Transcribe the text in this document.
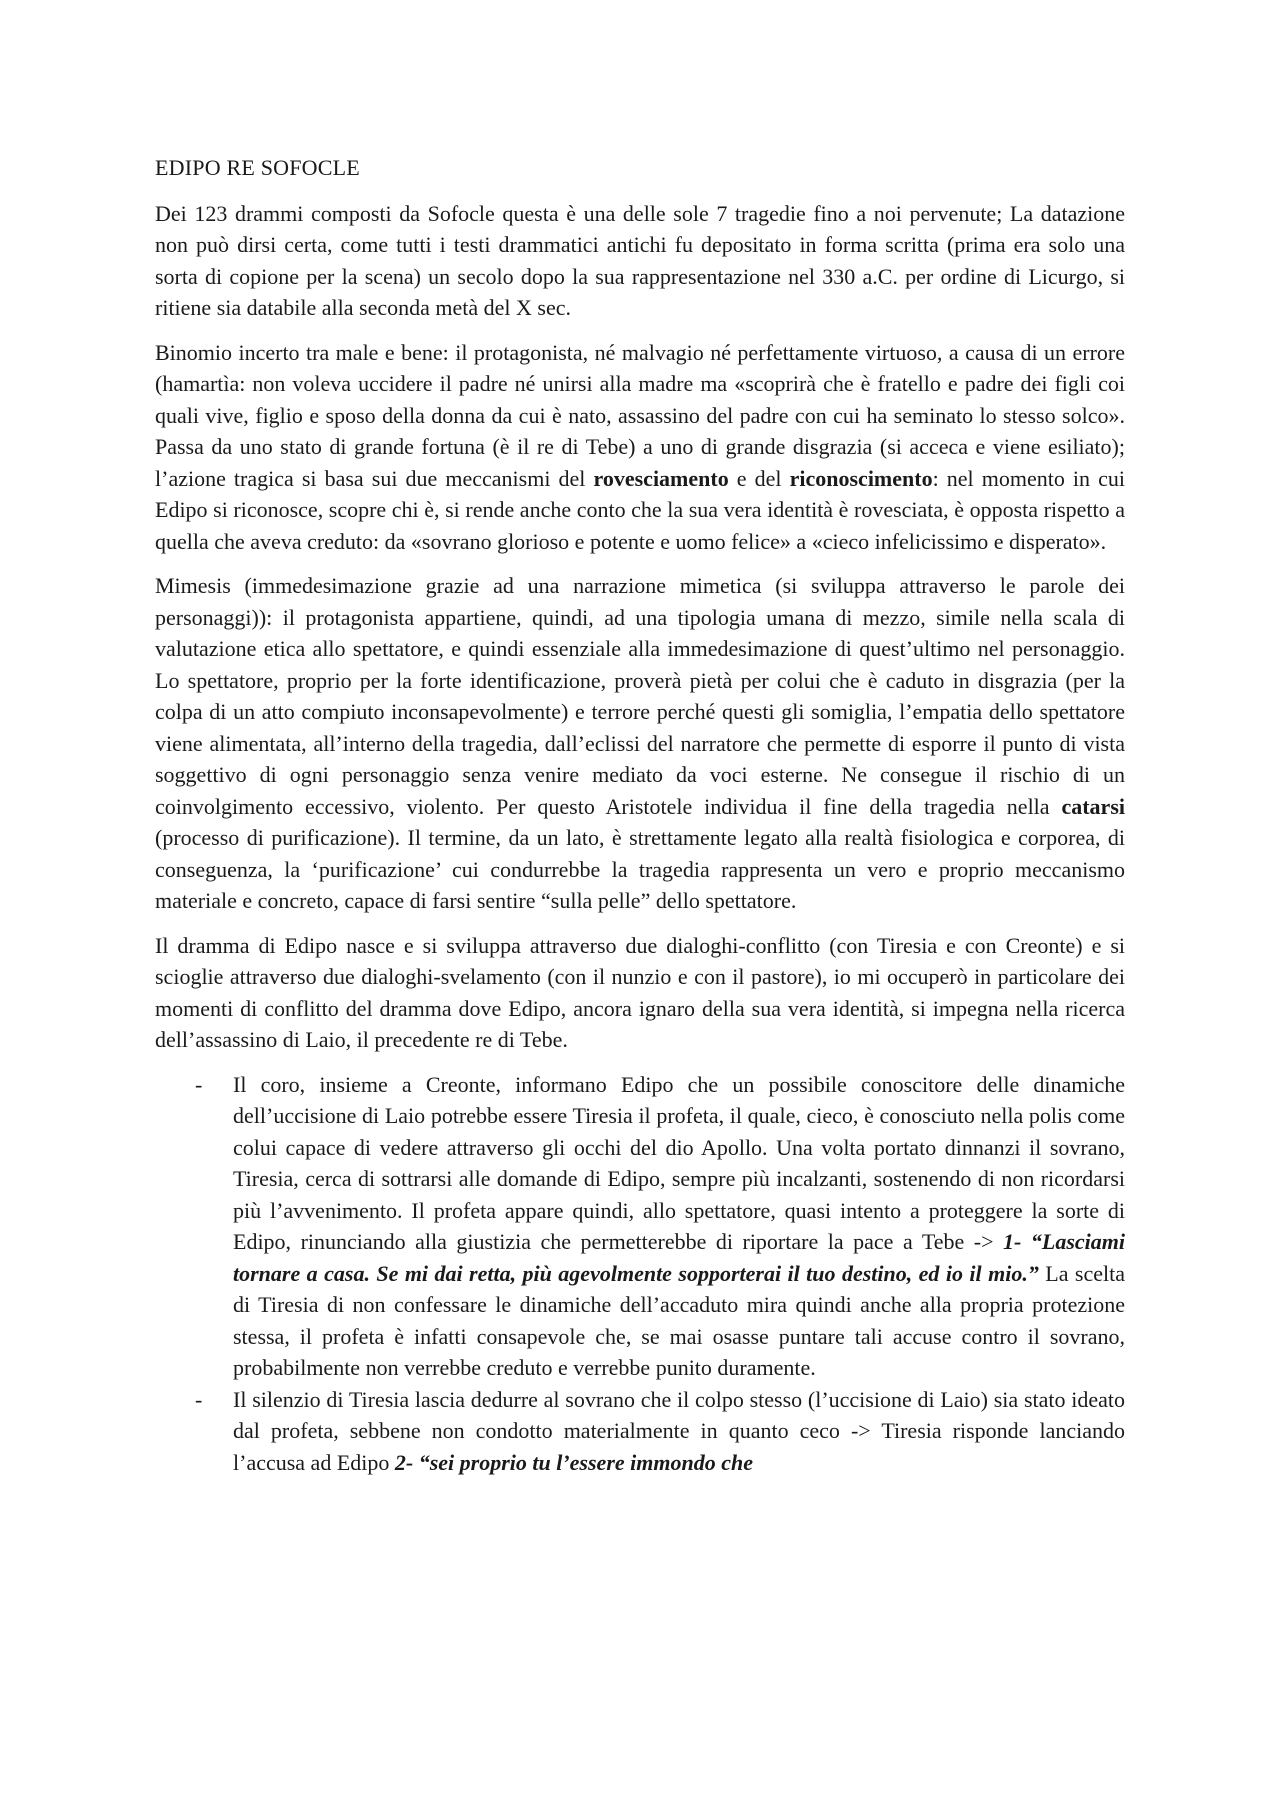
EDIPO RE SOFOCLE

Dei 123 drammi composti da Sofocle questa è una delle sole 7 tragedie fino a noi pervenute; La datazione non può dirsi certa, come tutti i testi drammatici antichi fu depositato in forma scritta (prima era solo una sorta di copione per la scena) un secolo dopo la sua rappresentazione nel 330 a.C. per ordine di Licurgo, si ritiene sia databile alla seconda metà del X sec.

Binomio incerto tra male e bene: il protagonista, né malvagio né perfettamente virtuoso, a causa di un errore (hamartìa: non voleva uccidere il padre né unirsi alla madre ma «scoprirà che è fratello e padre dei figli coi quali vive, figlio e sposo della donna da cui è nato, assassino del padre con cui ha seminato lo stesso solco». Passa da uno stato di grande fortuna (è il re di Tebe) a uno di grande disgrazia (si acceca e viene esiliato); l’azione tragica si basa sui due meccanismi del rovesciamento e del riconoscimento: nel momento in cui Edipo si riconosce, scopre chi è, si rende anche conto che la sua vera identità è rovesciata, è opposta rispetto a quella che aveva creduto: da «sovrano glorioso e potente e uomo felice» a «cieco infelicissimo e disperato».

Mimesis (immedesimazione grazie ad una narrazione mimetica (si sviluppa attraverso le parole dei personaggi)): il protagonista appartiene, quindi, ad una tipologia umana di mezzo, simile nella scala di valutazione etica allo spettatore, e quindi essenziale alla immedesimazione di quest’ultimo nel personaggio. Lo spettatore, proprio per la forte identificazione, proverà pietà per colui che è caduto in disgrazia (per la colpa di un atto compiuto inconsapevolmente) e terrore perché questi gli somiglia, l’empatia dello spettatore viene alimentata, all’interno della tragedia, dall’eclissi del narratore che permette di esporre il punto di vista soggettivo di ogni personaggio senza venire mediato da voci esterne. Ne consegue il rischio di un coinvolgimento eccessivo, violento. Per questo Aristotele individua il fine della tragedia nella catarsi (processo di purificazione). Il termine, da un lato, è strettamente legato alla realtà fisiologica e corporea, di conseguenza, la ‘purificazione’ cui condurrebbe la tragedia rappresenta un vero e proprio meccanismo materiale e concreto, capace di farsi sentire “sulla pelle” dello spettatore.

Il dramma di Edipo nasce e si sviluppa attraverso due dialoghi-conflitto (con Tiresia e con Creonte) e si scioglie attraverso due dialoghi-svelamento (con il nunzio e con il pastore), io mi occuperò in particolare dei momenti di conflitto del dramma dove Edipo, ancora ignaro della sua vera identità, si impegna nella ricerca dell’assassino di Laio, il precedente re di Tebe.

- Il coro, insieme a Creonte, informano Edipo che un possibile conoscitore delle dinamiche dell’uccisione di Laio potrebbe essere Tiresia il profeta, il quale, cieco, è conosciuto nella polis come colui capace di vedere attraverso gli occhi del dio Apollo. Una volta portato dinnanzi il sovrano, Tiresia, cerca di sottrarsi alle domande di Edipo, sempre più incalzanti, sostenendo di non ricordarsi più l’avvenimento. Il profeta appare quindi, allo spettatore, quasi intento a proteggere la sorte di Edipo, rinunciando alla giustizia che permetterebbe di riportare la pace a Tebe -> 1- “Lasciami tornare a casa. Se mi dai retta, più agevolmente sopporterai il tuo destino, ed io il mio.” La scelta di Tiresia di non confessare le dinamiche dell’accaduto mira quindi anche alla propria protezione stessa, il profeta è infatti consapevole che, se mai osasse puntare tali accuse contro il sovrano, probabilmente non verrebbe creduto e verrebbe punito duramente.
- Il silenzio di Tiresia lascia dedurre al sovrano che il colpo stesso (l’uccisione di Laio) sia stato ideato dal profeta, sebbene non condotto materialmente in quanto ceco -> Tiresia risponde lanciando l’accusa ad Edipo 2- “sei proprio tu l’essere immondo che
